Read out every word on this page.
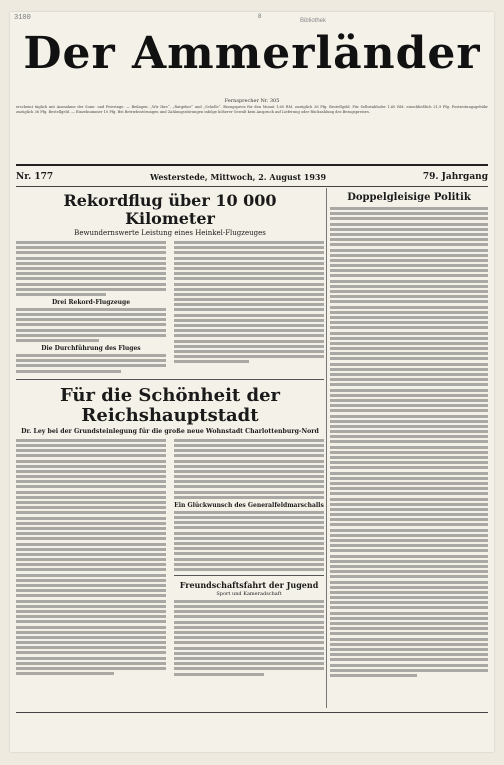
3100	8
Bibliothek
Der Ammerländer
Fernsprecher Nr. 305
erscheint täglich mit Ausnahme der Sonn- und Feiertage. — Beilagen: „Wir Ihre“, „Ratgeber“ und „Scholle“. Bezugspreis für den Monat 1,60 RM. zuzüglich 36 Pfg. Bestellgeld. Für Selbstabholer 1,60 RM. einschließlich 21,9 Pfg. Postzeitungsgebühr zuzüglich 36 Pfg. Bestellgeld. — Einzelnummer 10 Pfg. Bei Betriebsstörungen und Zahlungsstörungen infolge höherer Gewalt kein Anspruch auf Lieferung oder Rückzahlung des Bezugspreises.
Nr. 177	Westerstede, Mittwoch, 2. August 1939	79. Jahrgang
Rekordflug über 10 000 Kilometer
Bewundernswerte Leistung eines Heinkel-Flugzeuges
Drei Rekord-Flugzeuge
Die Durchführung des Fluges
Für die Schönheit der Reichshauptstadt
Dr. Ley bei der Grundsteinlegung für die große neue Wohnstadt Charlottenburg-Nord
Ein Glückwunsch des Generalfeldmarschalls
Freundschaftsfahrt der Jugend
Sport und Kameradschaft
Doppelgleisige Politik
